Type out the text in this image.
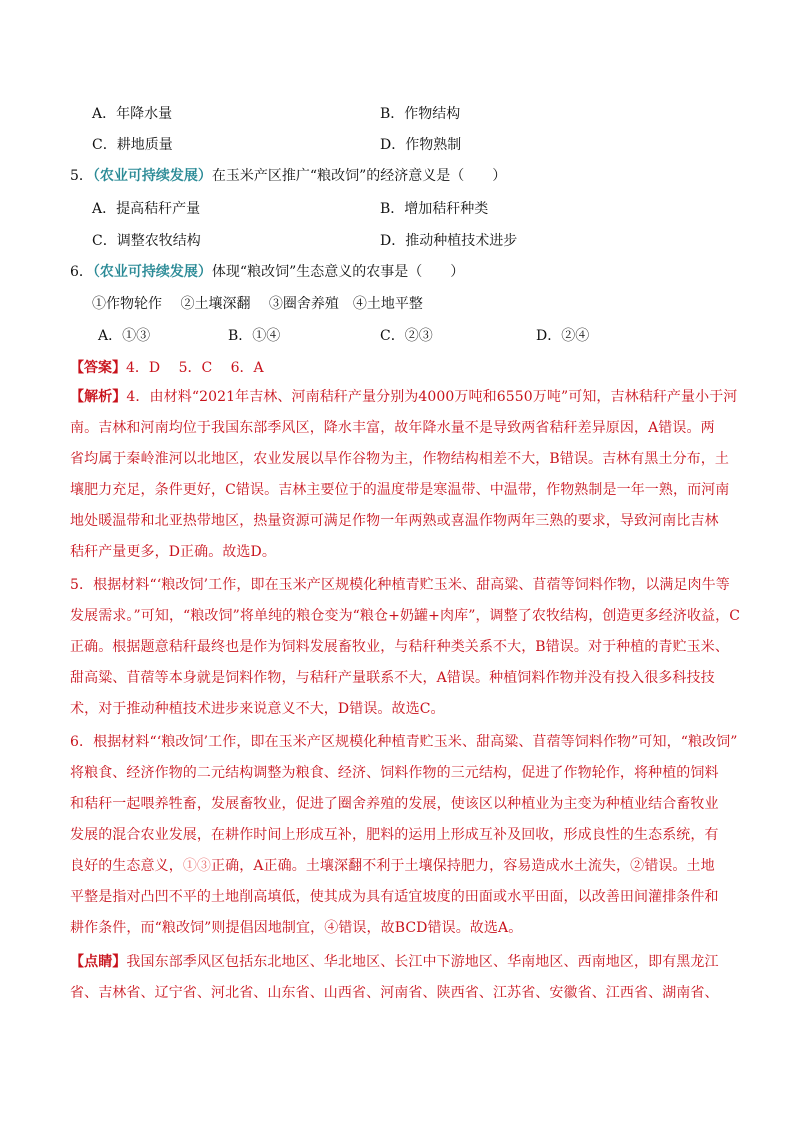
A．年降水量	B．作物结构
C．耕地质量	D．作物熟制
5．（农业可持续发展）在玉米产区推广“粮改饲”的经济意义是（　　）
A．提高秸秆产量	B．增加秸秆种类
C．调整农牧结构	D．推动种植技术进步
6．（农业可持续发展）体现“粮改饲”生态意义的农事是（　　）
①作物轮作　 ②土壤深翻　 ③圈舍养殖　④土地平整
A．①③	B．①④	C．②③	D．②④
【答案】4．D　 5．C　 6．A
【解析】4．由材料“2021年吉林、河南秸秆产量分别为4000万吨和6550万吨”可知，吉林秸秆产量小于河
南。吉林和河南均位于我国东部季风区，降水丰富，故年降水量不是导致两省秸秆差异原因，A错误。两
省均属于秦岭淮河以北地区，农业发展以旱作谷物为主，作物结构相差不大，B错误。吉林有黑土分布，土
壤肥力充足，条件更好，C错误。吉林主要位于的温度带是寒温带、中温带，作物熟制是一年一熟，而河南
地处暖温带和北亚热带地区，热量资源可满足作物一年两熟或喜温作物两年三熟的要求，导致河南比吉林
秸秆产量更多，D正确。故选D。
5．根据材料“‘粮改饲’工作，即在玉米产区规模化种植青贮玉米、甜高粱、苜蓿等饲料作物，以满足肉牛等
发展需求。”可知，“粮改饲”将单纯的粮仓变为“粮仓+奶罐+肉库”，调整了农牧结构，创造更多经济收益，C
正确。根据题意秸秆最终也是作为饲料发展畜牧业，与秸秆种类关系不大，B错误。对于种植的青贮玉米、
甜高粱、苜蓿等本身就是饲料作物，与秸秆产量联系不大，A错误。种植饲料作物并没有投入很多科技技
术，对于推动种植技术进步来说意义不大，D错误。故选C。
6．根据材料“‘粮改饲’工作，即在玉米产区规模化种植青贮玉米、甜高粱、苜蓿等饲料作物”可知，“粮改饲”
将粮食、经济作物的二元结构调整为粮食、经济、饲料作物的三元结构，促进了作物轮作，将种植的饲料
和秸秆一起喂养牲畜，发展畜牧业，促进了圈舍养殖的发展，使该区以种植业为主变为种植业结合畜牧业
发展的混合农业发展，在耕作时间上形成互补，肥料的运用上形成互补及回收，形成良性的生态系统，有
良好的生态意义，①③正确，A正确。土壤深翻不利于土壤保持肥力，容易造成水土流失，②错误。土地
平整是指对凸凹不平的土地削高填低，使其成为具有适宜坡度的田面或水平田面，以改善田间灌排条件和
耕作条件，而“粮改饲”则提倡因地制宜，④错误，故BCD错误。故选A。
【点睛】我国东部季风区包括东北地区、华北地区、长江中下游地区、华南地区、西南地区，即有黑龙江
省、吉林省、辽宁省、河北省、山东省、山西省、河南省、陕西省、江苏省、安徽省、江西省、湖南省、
